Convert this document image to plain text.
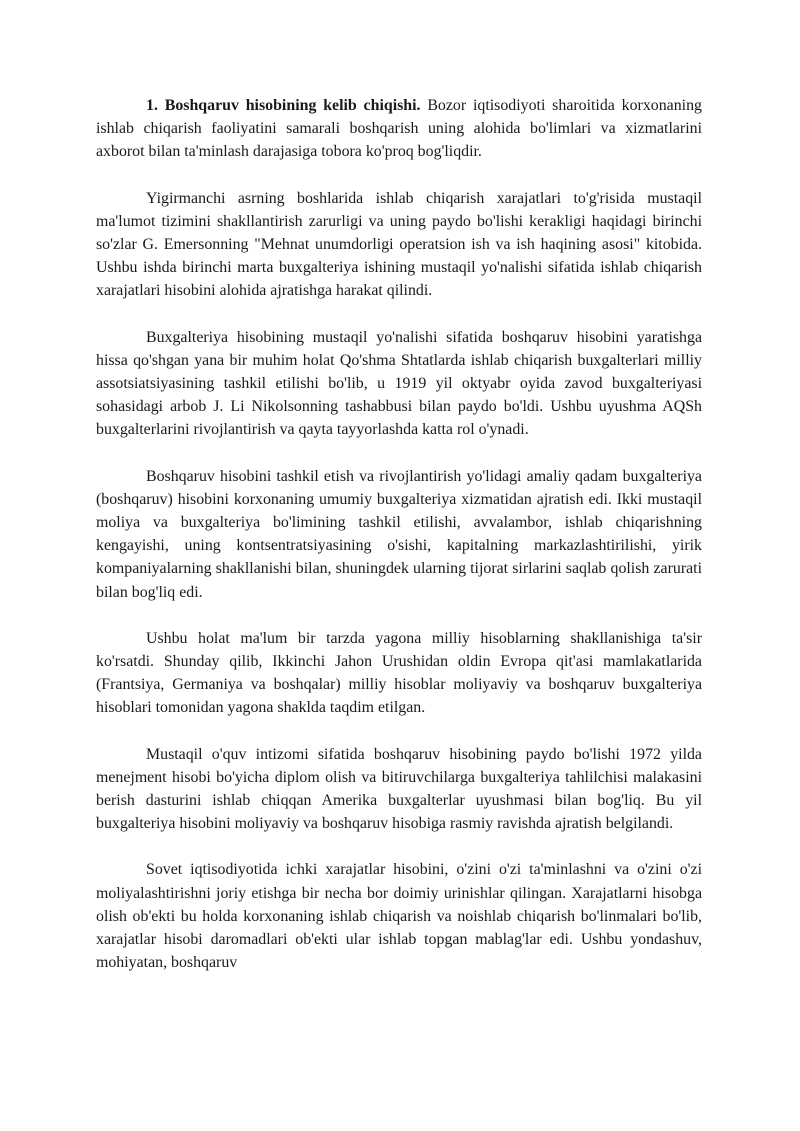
1. Boshqaruv hisobining kelib chiqishi. Bozor iqtisodiyoti sharoitida korxonaning ishlab chiqarish faoliyatini samarali boshqarish uning alohida bo'limlari va xizmatlarini axborot bilan ta'minlash darajasiga tobora ko'proq bog'liqdir.

Yigirmanchi asrning boshlarida ishlab chiqarish xarajatlari to'g'risida mustaqil ma'lumot tizimini shakllantirish zarurligi va uning paydo bo'lishi kerakligi haqidagi birinchi so'zlar G. Emersonning "Mehnat unumdorligi operatsion ish va ish haqining asosi" kitobida. Ushbu ishda birinchi marta buxgalteriya ishining mustaqil yo'nalishi sifatida ishlab chiqarish xarajatlari hisobini alohida ajratishga harakat qilindi.

Buxgalteriya hisobining mustaqil yo'nalishi sifatida boshqaruv hisobini yaratishga hissa qo'shgan yana bir muhim holat Qo'shma Shtatlarda ishlab chiqarish buxgalterlari milliy assotsiatsiyasining tashkil etilishi bo'lib, u 1919 yil oktyabr oyida zavod buxgalteriyasi sohasidagi arbob J. Li Nikolsonning tashabbusi bilan paydo bo'ldi. Ushbu uyushma AQSh buxgalterlarini rivojlantirish va qayta tayyorlashda katta rol o'ynadi.

Boshqaruv hisobini tashkil etish va rivojlantirish yo'lidagi amaliy qadam buxgalteriya (boshqaruv) hisobini korxonaning umumiy buxgalteriya xizmatidan ajratish edi. Ikki mustaqil moliya va buxgalteriya bo'limining tashkil etilishi, avvalambor, ishlab chiqarishning kengayishi, uning kontsentratsiyasining o'sishi, kapitalning markazlashtirilishi, yirik kompaniyalarning shakllanishi bilan, shuningdek ularning tijorat sirlarini saqlab qolish zarurati bilan bog'liq edi.

Ushbu holat ma'lum bir tarzda yagona milliy hisoblarning shakllanishiga ta'sir ko'rsatdi. Shunday qilib, Ikkinchi Jahon Urushidan oldin Evropa qit'asi mamlakatlarida (Frantsiya, Germaniya va boshqalar) milliy hisoblar moliyaviy va boshqaruv buxgalteriya hisoblari tomonidan yagona shaklda taqdim etilgan.

Mustaqil o'quv intizomi sifatida boshqaruv hisobining paydo bo'lishi 1972 yilda menejment hisobi bo'yicha diplom olish va bitiruvchilarga buxgalteriya tahlilchisi malakasini berish dasturini ishlab chiqqan Amerika buxgalterlar uyushmasi bilan bog'liq. Bu yil buxgalteriya hisobini moliyaviy va boshqaruv hisobiga rasmiy ravishda ajratish belgilandi.

Sovet iqtisodiyotida ichki xarajatlar hisobini, o'zini o'zi ta'minlashni va o'zini o'zi moliyalashtirishni joriy etishga bir necha bor doimiy urinishlar qilingan. Xarajatlarni hisobga olish ob'ekti bu holda korxonaning ishlab chiqarish va noishlab chiqarish bo'linmalari bo'lib, xarajatlar hisobi daromadlari ob'ekti ular ishlab topgan mablag'lar edi. Ushbu yondashuv, mohiyatan, boshqaruv
